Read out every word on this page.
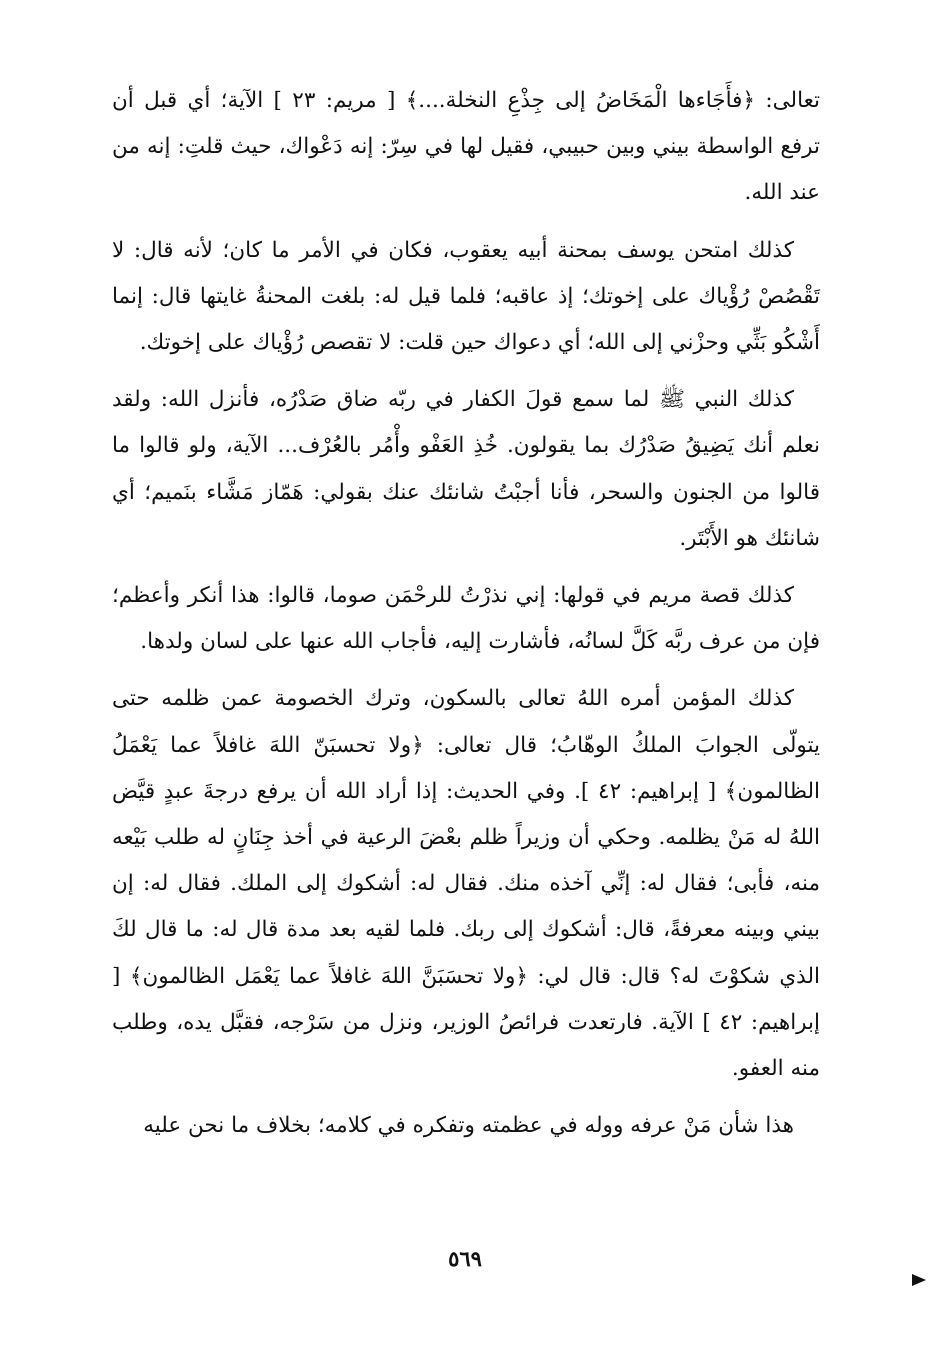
تعالى: ﴿فأَجَاءها الْمَخَاضُ إلى جِذْعِ النخلة....﴾ [ مريم: ٢٣ ] الآية؛ أي قبل أن ترفع الواسطة بيني وبين حبيبي، فقيل لها في سِرّ: إنه دَعْواك، حيث قلتِ: إنه من عند الله.

كذلك امتحن يوسف بمحنة أبيه يعقوب، فكان في الأمر ما كان؛ لأنه قال: لا تَقْصُصْ رُؤْياك على إخوتك؛ إذ عاقبه؛ فلما قيل له: بلغت المحنةُ غايتها قال: إنما أَشْكُو بَثِّي وحزْني إلى الله؛ أي دعواك حين قلت: لا تقصص رُؤْياك على إخوتك.

كذلك النبي ﷺ لما سمع قولَ الكفار في ربّه ضاق صَدْرُه، فأنزل الله: ولقد نعلم أنك يَضِيقُ صَدْرُك بما يقولون. خُذِ العَفْو وأْمُر بالعُرْف... الآية، ولو قالوا ما قالوا من الجنون والسحر، فأنا أجبْتُ شانئك عنك بقولي: هَمّاز مَشَّاء بنَميم؛ أي شانئك هو الأَبْتَر.

كذلك قصة مريم في قولها: إني نذرْتُ للرحْمَن صوما، قالوا: هذا أنكر وأعظم؛ فإن من عرف ربَّه كَلَّ لسانُه، فأشارت إليه، فأجاب الله عنها على لسان ولدها.

كذلك المؤمن أمره اللهُ تعالى بالسكون، وترك الخصومة عمن ظلمه حتى يتولّى الجوابَ الملكُ الوهّابُ؛ قال تعالى: ﴿ولا تحسبَنّ اللهَ غافلاً عما يَعْمَلُ الظالمون﴾ [ إبراهيم: ٤٢ ]. وفي الحديث: إذا أراد الله أن يرفع درجةَ عبدٍ قيَّض اللهُ له مَنْ يظلمه. وحكي أن وزيراً ظلم بعْضَ الرعية في أخذ جِنَانٍ له طلب بَيْعه منه، فأبى؛ فقال له: إنِّي آخذه منك. فقال له: أشكوك إلى الملك. فقال له: إن بيني وبينه معرفةً، قال: أشكوك إلى ربك. فلما لقيه بعد مدة قال له: ما قال لكَ الذي شكوْتَ له؟ قال: قال لي: ﴿ولا تحسَبَنَّ اللهَ غافلاً عما يَعْمَل الظالمون﴾ [ إبراهيم: ٤٢ ] الآية. فارتعدت فرائصُ الوزير، ونزل من سَرْجه، فقبَّل يده، وطلب منه العفو.

هذا شأن مَنْ عرفه ووله في عظمته وتفكره في كلامه؛ بخلاف ما نحن عليه

٥٦٩
